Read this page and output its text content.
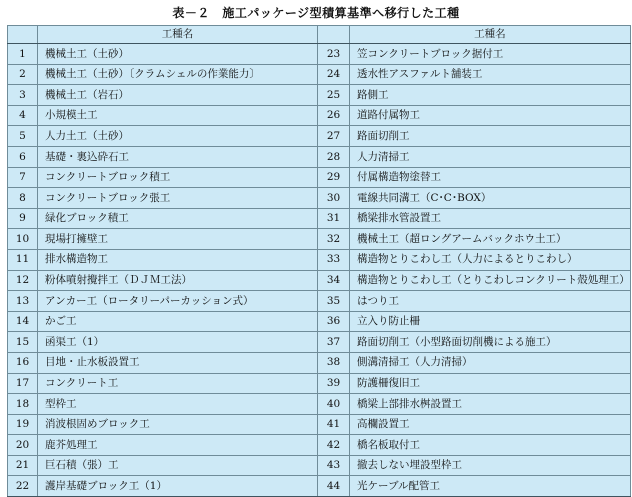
表－２　施工パッケージ型積算基準へ移行した工種
	工種名		工種名
1	機械土工（土砂）	23	笠コンクリートブロック据付工
2	機械土工（土砂）〔クラムシェルの作業能力〕	24	透水性アスファルト舗装工
3	機械土工（岩石）	25	路側工
4	小規模土工	26	道路付属物工
5	人力土工（土砂）	27	路面切削工
6	基礎・裏込砕石工	28	人力清掃工
7	コンクリートブロック積工	29	付属構造物塗替工
8	コンクリートブロック張工	30	電線共同溝工（C･C･BOX）
9	緑化ブロック積工	31	橋梁排水管設置工
10	現場打擁壁工	32	機械土工（超ロングアームバックホウ土工）
11	排水構造物工	33	構造物とりこわし工（人力によるとりこわし）
12	粉体噴射攪拌工（ＤＪＭ工法）	34	構造物とりこわし工（とりこわしコンクリート殻処理工）
13	アンカー工（ロータリーパーカッション式）	35	はつり工
14	かご工	36	立入り防止柵
15	函渠工（1）	37	路面切削工（小型路面切削機による施工）
16	目地・止水板設置工	38	側溝清掃工（人力清掃）
17	コンクリート工	39	防護柵復旧工
18	型枠工	40	橋梁上部排水桝設置工
19	消波根固めブロック工	41	高欄設置工
20	鹿芥処理工	42	橋名板取付工
21	巨石積（張）工	43	撤去しない埋設型枠工
22	護岸基礎ブロック工（1）	44	光ケーブル配管工
